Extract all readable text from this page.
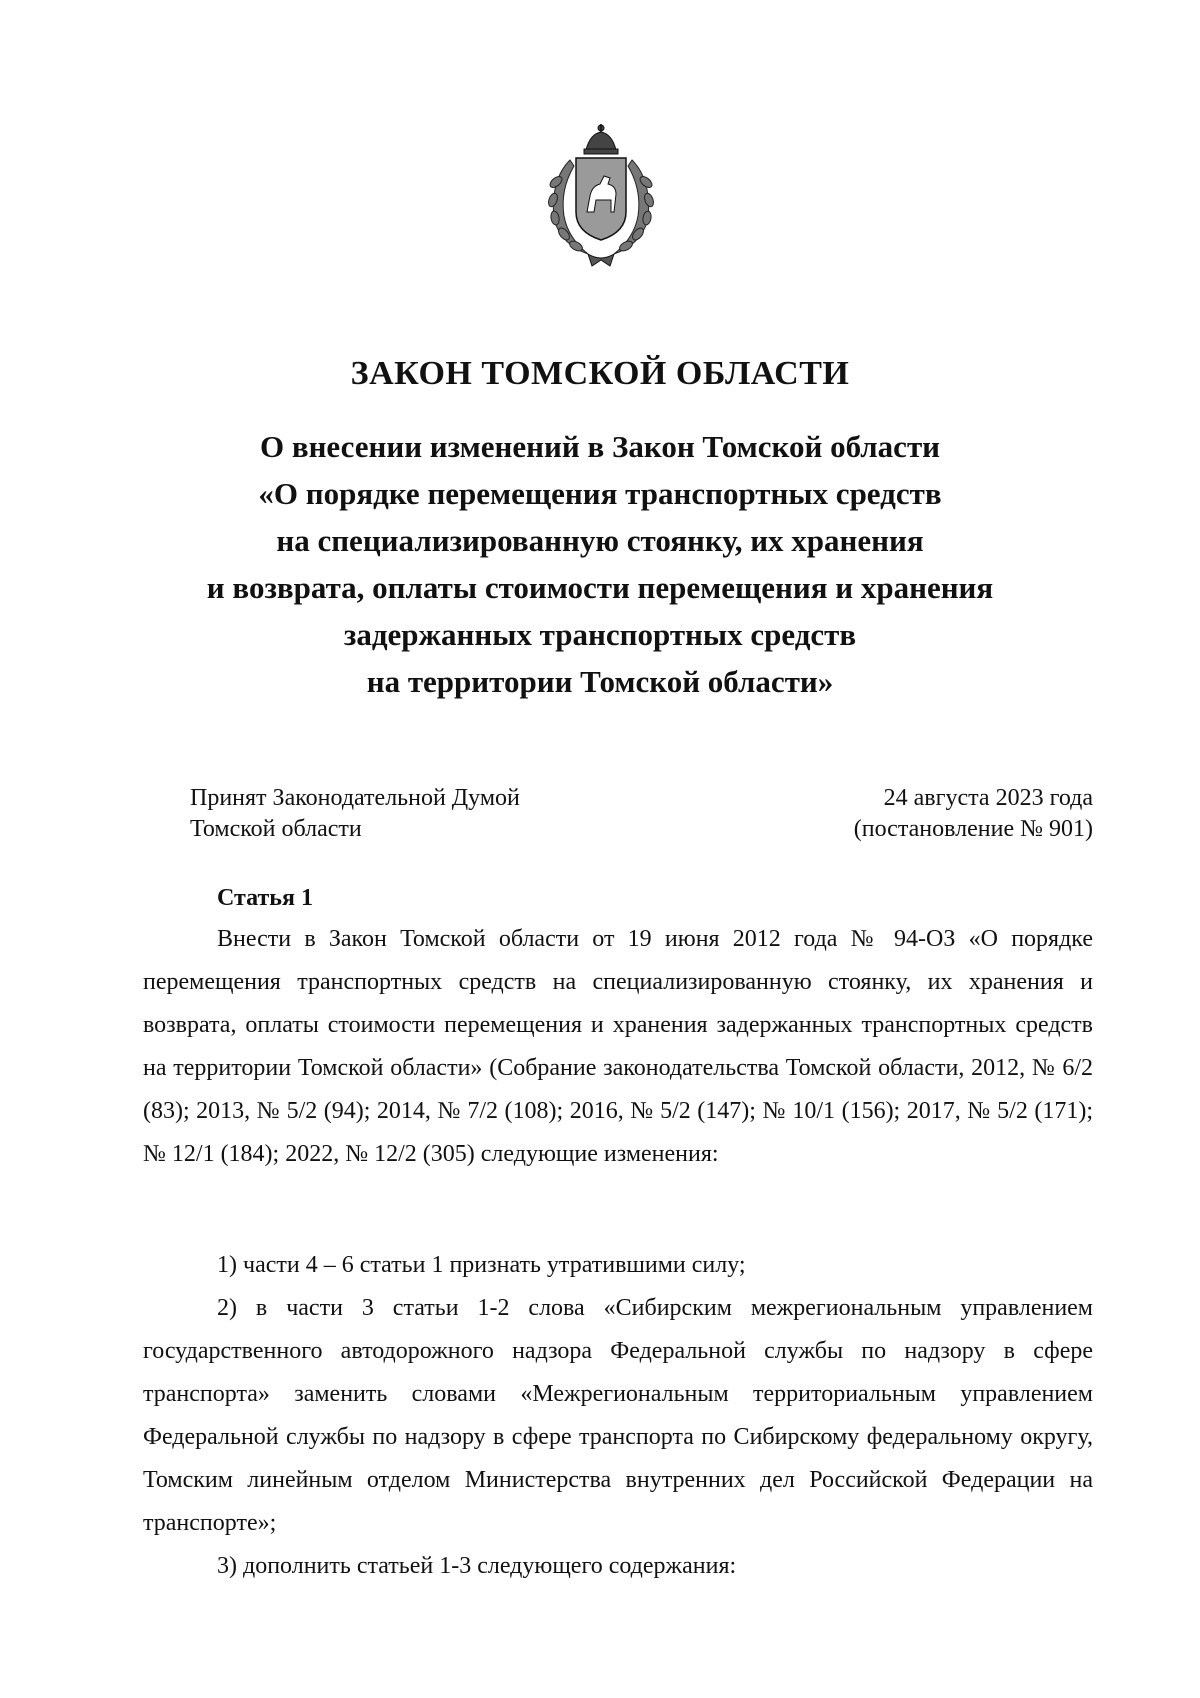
ЗАКОН ТОМСКОЙ ОБЛАСТИ
О внесении изменений в Закон Томской области
«О порядке перемещения транспортных средств
на специализированную стоянку, их хранения
и возврата, оплаты стоимости перемещения и хранения
задержанных транспортных средств
на территории Томской области»
Принят Законодательной Думой
Томской области
24 августа 2023 года
(постановление № 901)
Статья 1

Внести в Закон Томской области от 19 июня 2012 года № 94-ОЗ «О порядке перемещения транспортных средств на специализированную стоянку, их хранения и возврата, оплаты стоимости перемещения и хранения задержанных транспортных средств на территории Томской области» (Собрание законодательства Томской области, 2012, № 6/2 (83); 2013, № 5/2 (94); 2014, № 7/2 (108); 2016, № 5/2 (147); № 10/1 (156); 2017, № 5/2 (171); № 12/1 (184); 2022, № 12/2 (305) следующие изменения:

1) части 4 – 6 статьи 1 признать утратившими силу;

2) в части 3 статьи 1-2 слова «Сибирским межрегиональным управлением государственного автодорожного надзора Федеральной службы по надзору в сфере транспорта» заменить словами «Межрегиональным территориальным управлением Федеральной службы по надзору в сфере транспорта по Сибирскому федеральному округу, Томским линейным отделом Министерства внутренних дел Российской Федерации на транспорте»;

3) дополнить статьей 1-3 следующего содержания:
